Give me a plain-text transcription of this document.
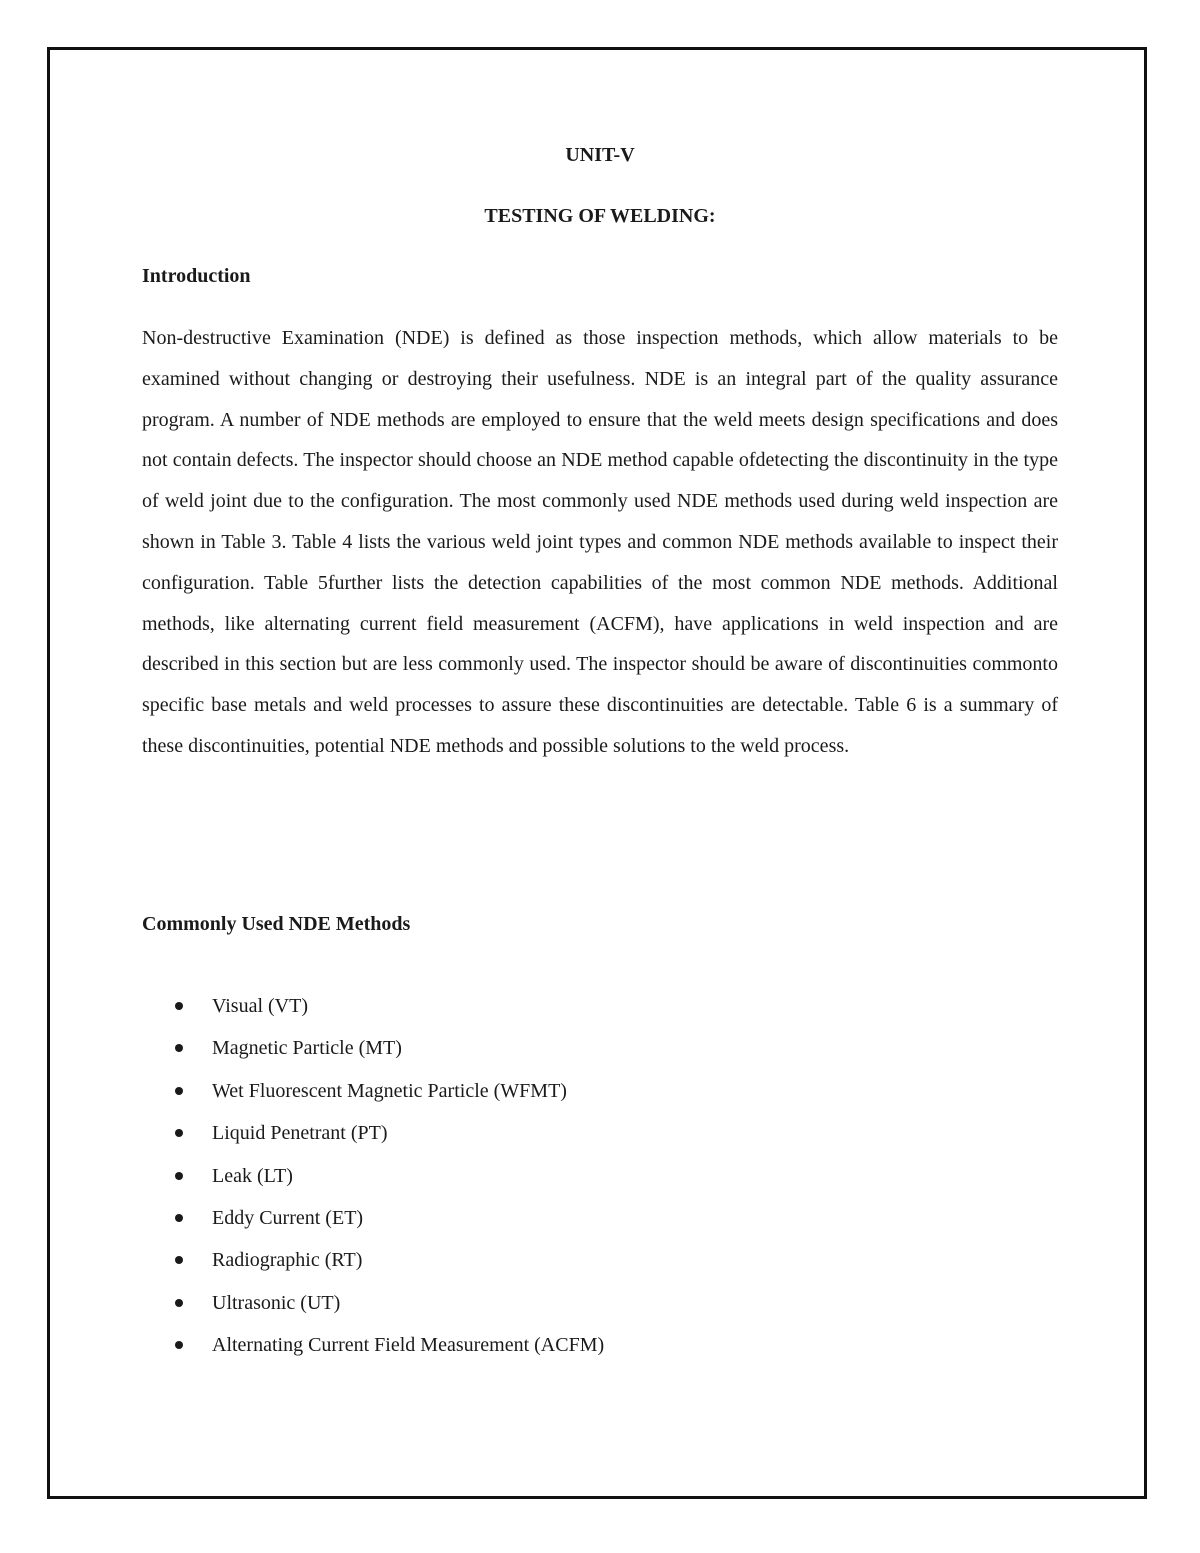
UNIT-V
TESTING OF WELDING:
Introduction

Non-destructive Examination (NDE) is defined as those inspection methods, which allow materials to be examined without changing or destroying their usefulness. NDE is an integral part of the quality assurance program. A number of NDE methods are employed to ensure that the weld meets design specifications and does not contain defects. The inspector should choose an NDE method capable ofdetecting the discontinuity in the type of weld joint due to the configuration. The most commonly used NDE methods used during weld inspection are shown in Table 3. Table 4 lists the various weld joint types and common NDE methods available to inspect their configuration. Table 5further lists the detection capabilities of the most common NDE methods. Additional methods, like alternating current field measurement (ACFM), have applications in weld inspection and are described in this section but are less commonly used. The inspector should be aware of discontinuities commonto specific base metals and weld processes to assure these discontinuities are detectable. Table 6 is a summary of these discontinuities, potential NDE methods and possible solutions to the weld process.

Commonly Used NDE Methods
Visual (VT)
Magnetic Particle (MT)
Wet Fluorescent Magnetic Particle (WFMT)
Liquid Penetrant (PT)
Leak (LT)
Eddy Current (ET)
Radiographic (RT)
Ultrasonic (UT)
Alternating Current Field Measurement (ACFM)
